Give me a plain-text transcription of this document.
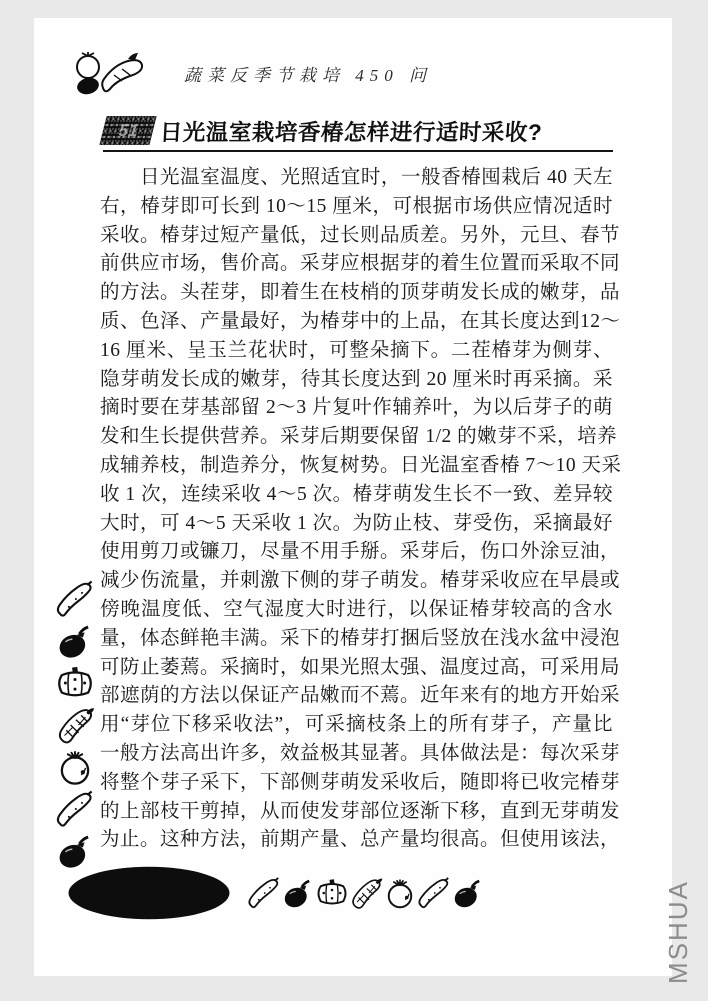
蔬菜反季节栽培 450 问
51 日光温室栽培香椿怎样进行适时采收?
日光温室温度、光照适宜时，一般香椿囤栽后 40 天左
右，椿芽即可长到 10～15 厘米，可根据市场供应情况适时
采收。椿芽过短产量低，过长则品质差。另外，元旦、春节
前供应市场，售价高。采芽应根据芽的着生位置而采取不同
的方法。头茬芽，即着生在枝梢的顶芽萌发长成的嫩芽，品
质、色泽、产量最好，为椿芽中的上品，在其长度达到12～
16 厘米、呈玉兰花状时，可整朵摘下。二茬椿芽为侧芽、
隐芽萌发长成的嫩芽，待其长度达到 20 厘米时再采摘。采
摘时要在芽基部留 2～3 片复叶作辅养叶，为以后芽子的萌
发和生长提供营养。采芽后期要保留 1/2 的嫩芽不采，培养
成辅养枝，制造养分，恢复树势。日光温室香椿 7～10 天采
收 1 次，连续采收 4～5 次。椿芽萌发生长不一致、差异较
大时，可 4～5 天采收 1 次。为防止枝、芽受伤，采摘最好
使用剪刀或镰刀，尽量不用手掰。采芽后，伤口外涂豆油，
减少伤流量，并刺激下侧的芽子萌发。椿芽采收应在早晨或
傍晚温度低、空气湿度大时进行，以保证椿芽较高的含水
量，体态鲜艳丰满。采下的椿芽打捆后竖放在浅水盆中浸泡
可防止萎蔫。采摘时，如果光照太强、温度过高，可采用局
部遮荫的方法以保证产品嫩而不蔫。近年来有的地方开始采
用“芽位下移采收法”，可采摘枝条上的所有芽子，产量比
一般方法高出许多，效益极其显著。具体做法是：每次采芽
将整个芽子采下，下部侧芽萌发采收后，随即将已收完椿芽
的上部枝干剪掉，从而使发芽部位逐渐下移，直到无芽萌发
为止。这种方法，前期产量、总产量均很高。但使用该法，
MSHUA
